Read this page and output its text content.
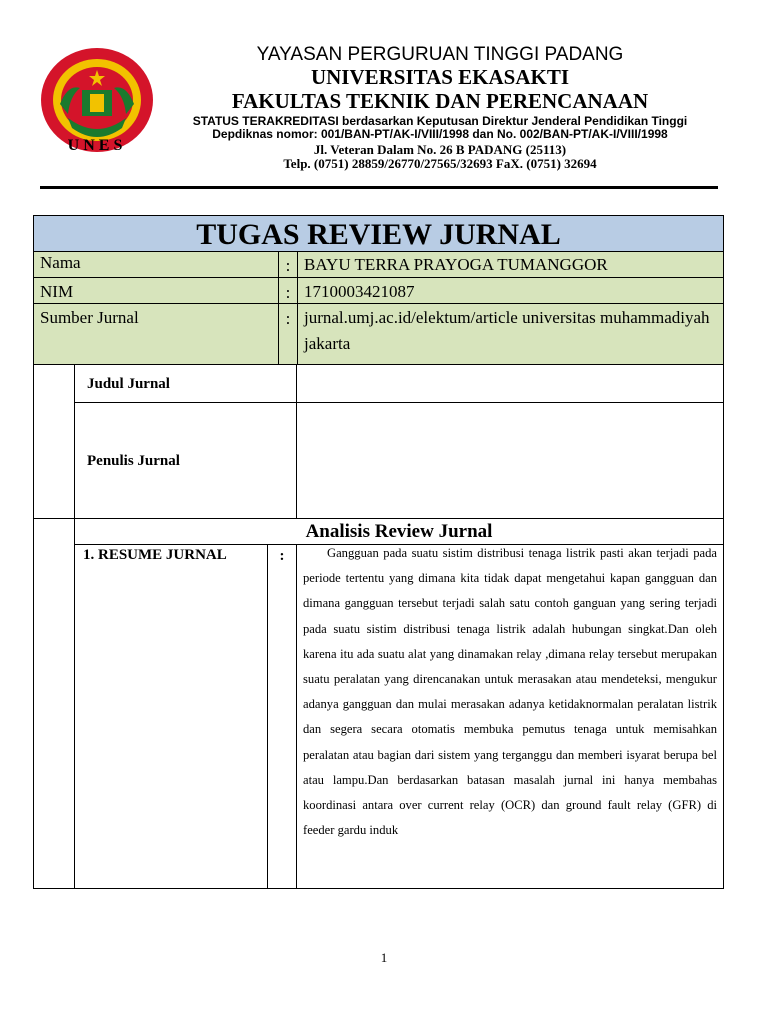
UNES
YAYASAN PERGURUAN TINGGI PADANG
UNIVERSITAS EKASAKTI
FAKULTAS TEKNIK DAN PERENCANAAN
STATUS TERAKREDITASI berdasarkan Keputusan Direktur Jenderal Pendidikan Tinggi
Depdiknas nomor: 001/BAN-PT/AK-I/VIII/1998 dan No. 002/BAN-PT/AK-I/VIII/1998
Jl. Veteran Dalam No. 26 B PADANG (25113)
Telp. (0751) 28859/26770/27565/32693 FaX. (0751) 32694
TUGAS REVIEW JURNAL
Nama	: BAYU TERRA PRAYOGA TUMANGGOR
NIM	: 1710003421087
Sumber Jurnal	: jurnal.umj.ac.id/elektum/article universitas muhammadiyah jakarta
Judul Jurnal
Penulis Jurnal
Analisis Review Jurnal
1. RESUME JURNAL	:	Gangguan pada suatu sistim distribusi tenaga listrik pasti akan terjadi pada periode tertentu yang dimana kita tidak dapat mengetahui kapan gangguan dan dimana gangguan tersebut terjadi salah satu contoh ganguan yang sering terjadi pada suatu sistim distribusi tenaga listrik adalah hubungan singkat.Dan oleh karena itu ada suatu alat yang dinamakan relay ,dimana relay tersebut merupakan suatu peralatan yang direncanakan untuk merasakan atau mendeteksi, mengukur adanya gangguan dan mulai merasakan adanya ketidaknormalan peralatan listrik dan segera secara otomatis membuka pemutus tenaga untuk memisahkan peralatan atau bagian dari sistem yang terganggu dan memberi isyarat berupa bel atau lampu.Dan berdasarkan batasan masalah jurnal ini hanya membahas koordinasi antara over current relay (OCR) dan ground fault relay (GFR) di feeder gardu induk
1
